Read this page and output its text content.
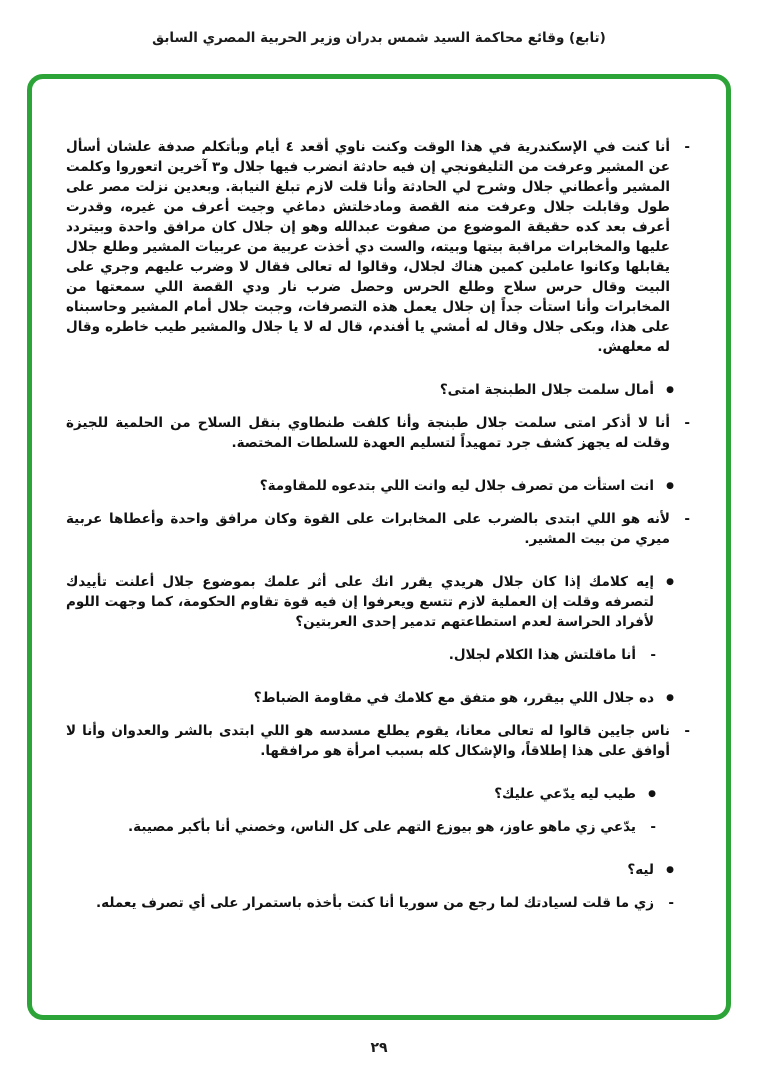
(تابع) وقائع محاكمة السيد شمس بدران وزير الحربية المصري السابق
-
أنا كنت في الإسكندرية في هذا الوقت وكنت ناوي أقعد ٤ أيام وبأتكلم صدفة علشان أسأل عن المشير وعرفت من التليفونجي إن فيه حادثة انضرب فيها جلال و٣ آخرين اتعوروا وكلمت المشير وأعطاني جلال وشرح لي الحادثة وأنا قلت لازم تبلغ النيابة. وبعدين نزلت مصر على طول وقابلت جلال وعرفت منه القصة ومادخلتش دماغي وجيت أعرف من غيره، وقدرت أعرف بعد كده حقيقة الموضوع من صفوت عبدالله وهو إن جلال كان مرافق واحدة وبيتردد عليها والمخابرات مراقبة بيتها وبيته، والست دي أخذت عربية من عربيات المشير وطلع جلال يقابلها وكانوا عاملين كمين هناك لجلال، وقالوا له تعالى فقال لا وضرب عليهم وجري على البيت وقال حرس سلاح وطلع الحرس وحصل ضرب نار ودي القصة اللي سمعتها من المخابرات وأنا استأت جداً إن جلال يعمل هذه التصرفات، وجبت جلال أمام المشير وحاسبناه على هذا، وبكى جلال وقال له أمشي يا أفندم، قال له لا يا جلال والمشير طيب خاطره وقال له معلهش.
●
أمال سلمت جلال الطبنجة امتى؟
-
أنا لا أذكر امتى سلمت جلال طبنجة وأنا كلفت طنطاوي بنقل السلاح من الحلمية للجيزة وقلت له يجهز كشف جرد تمهيداً لتسليم العهدة للسلطات المختصة.
●
انت استأت من تصرف جلال ليه وانت اللي بتدعوه للمقاومة؟
-
لأنه هو اللي ابتدى بالضرب على المخابرات على القوة وكان مرافق واحدة وأعطاها عربية ميري من بيت المشير.
●
إيه كلامك إذا كان جلال هريدي يقرر انك على أثر علمك بموضوع جلال أعلنت تأييدك لتصرفه وقلت إن العملية لازم تتسع ويعرفوا إن فيه قوة تقاوم الحكومة، كما وجهت اللوم لأفراد الحراسة لعدم استطاعتهم تدمير إحدى العربتين؟
-
أنا ماقلتش هذا الكلام لجلال.
●
ده جلال اللي بيقرر، هو متفق مع كلامك في مقاومة الضباط؟
-
ناس جايين قالوا له تعالى معانا، يقوم يطلع مسدسه هو اللي ابتدى بالشر والعدوان وأنا لا أوافق على هذا إطلاقاً، والإشكال كله بسبب امرأة هو مرافقها.
●
طيب ليه يدّعي عليك؟
-
يدّعي زي ماهو عاوز، هو بيوزع التهم على كل الناس، وخصني أنا بأكبر مصيبة.
●
ليه؟
-
زي ما قلت لسيادتك لما رجع من سوريا أنا كنت بأخذه باستمرار على أي تصرف يعمله.
٢٩
